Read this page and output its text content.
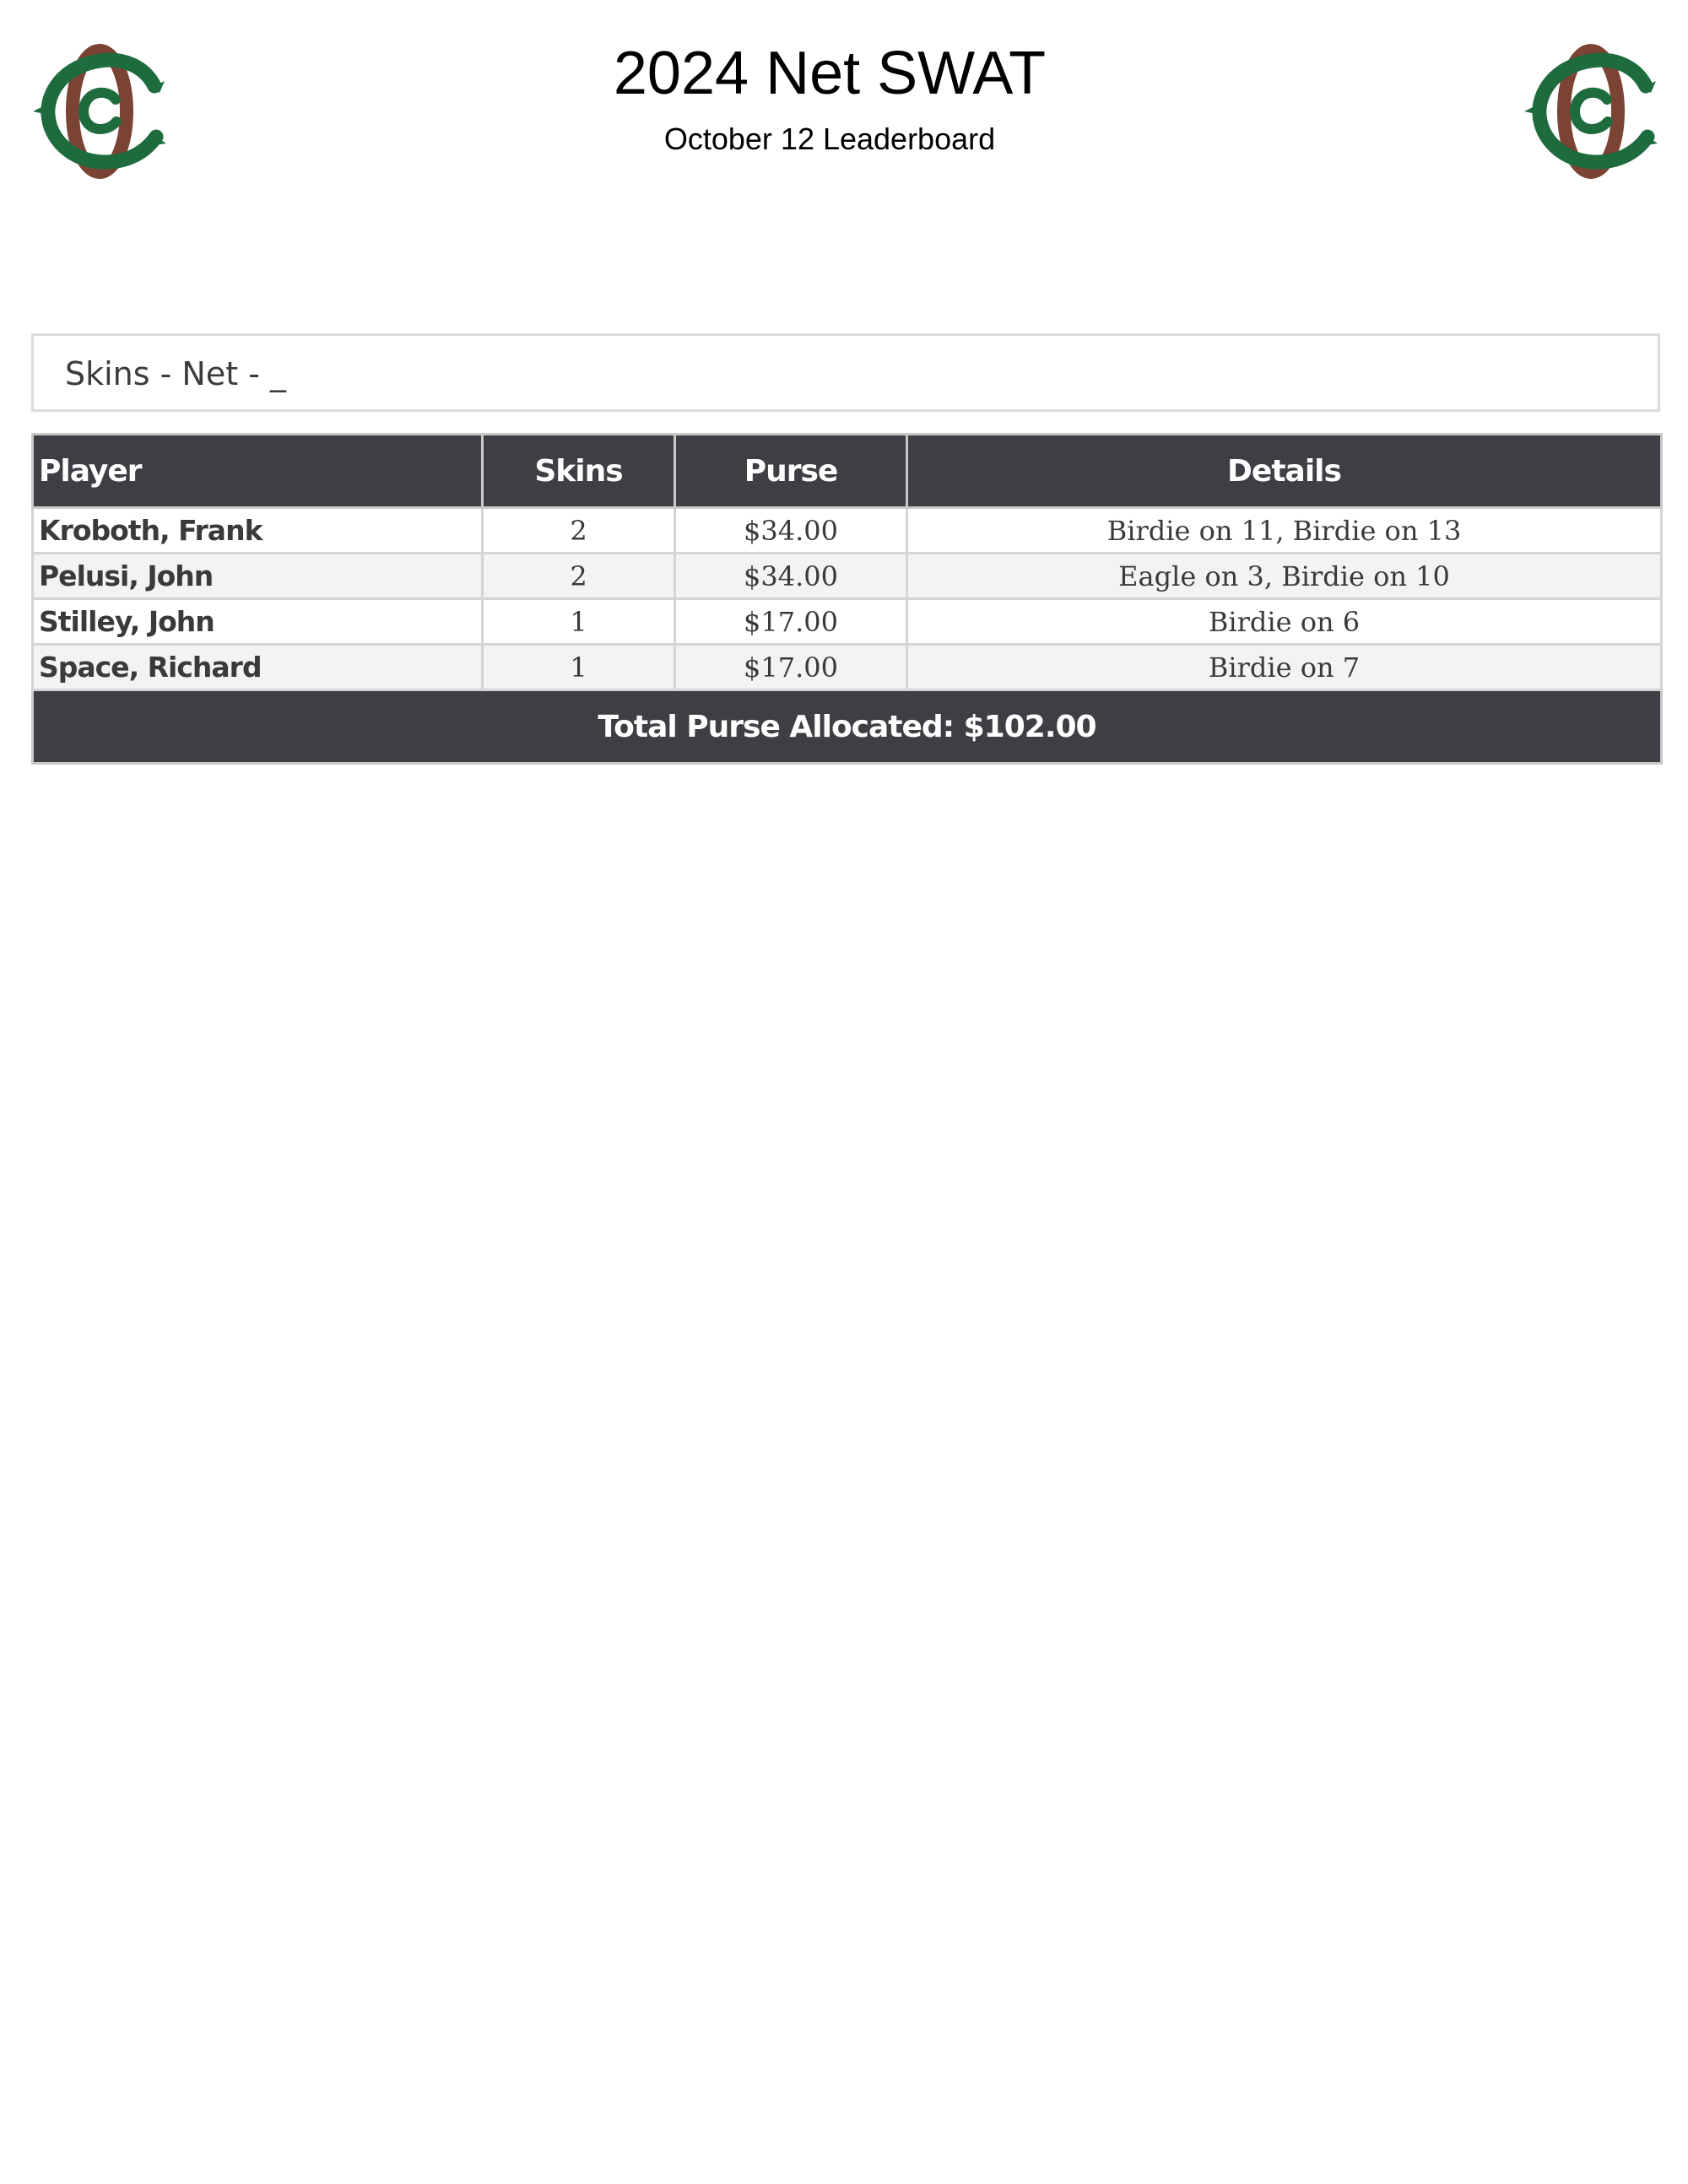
2024 Net SWAT
October 12 Leaderboard
Skins - Net - _
Player	Skins	Purse	Details
Kroboth, Frank	2	$34.00	Birdie on 11, Birdie on 13
Pelusi, John	2	$34.00	Eagle on 3, Birdie on 10
Stilley, John	1	$17.00	Birdie on 6
Space, Richard	1	$17.00	Birdie on 7
Total Purse Allocated: $102.00			
